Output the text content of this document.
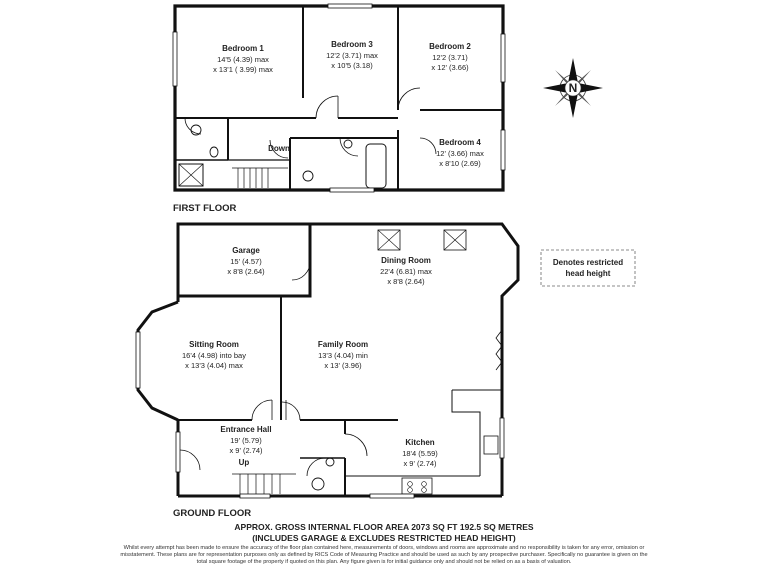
Bedroom 1
14'5 (4.39) max
x 13'1 ( 3.99) max
Bedroom 3
12'2 (3.71) max
x 10'5 (3.18)
Bedroom 2
12'2 (3.71)
x 12' (3.66)
Bedroom 4
12' (3.66) max
x 8'10 (2.69)
Down
Garage
15' (4.57)
x 8'8 (2.64)
Dining Room
22'4 (6.81) max
x 8'8 (2.64)
Sitting Room
16'4 (4.98) into bay
x 13'3 (4.04) max
Family Room
13'3 (4.04) min
x 13' (3.96)
Entrance Hall
19' (5.79)
x 9' (2.74)
Up
Kitchen
18'4 (5.59)
x 9' (2.74)
Denotes restricted
head height
N
FIRST FLOOR
GROUND FLOOR
APPROX. GROSS INTERNAL FLOOR AREA 2073 SQ FT 192.5 SQ METRES
(INCLUDES GARAGE & EXCLUDES RESTRICTED HEAD HEIGHT)
Whilst every attempt has been made to ensure the accuracy of the floor plan contained here, measurements of doors, windows and rooms are approximate and no responsibility is taken for any error, omission or misstatement. These plans are for representation purposes only as defined by RICS Code of Measuring Practice and should be used as such by any prospective purchaser. Specifically no guarantee is given on the total square footage of the property if quoted on this plan. Any figure given is for initial guidance only and should not be relied on as a basis of valuation.
